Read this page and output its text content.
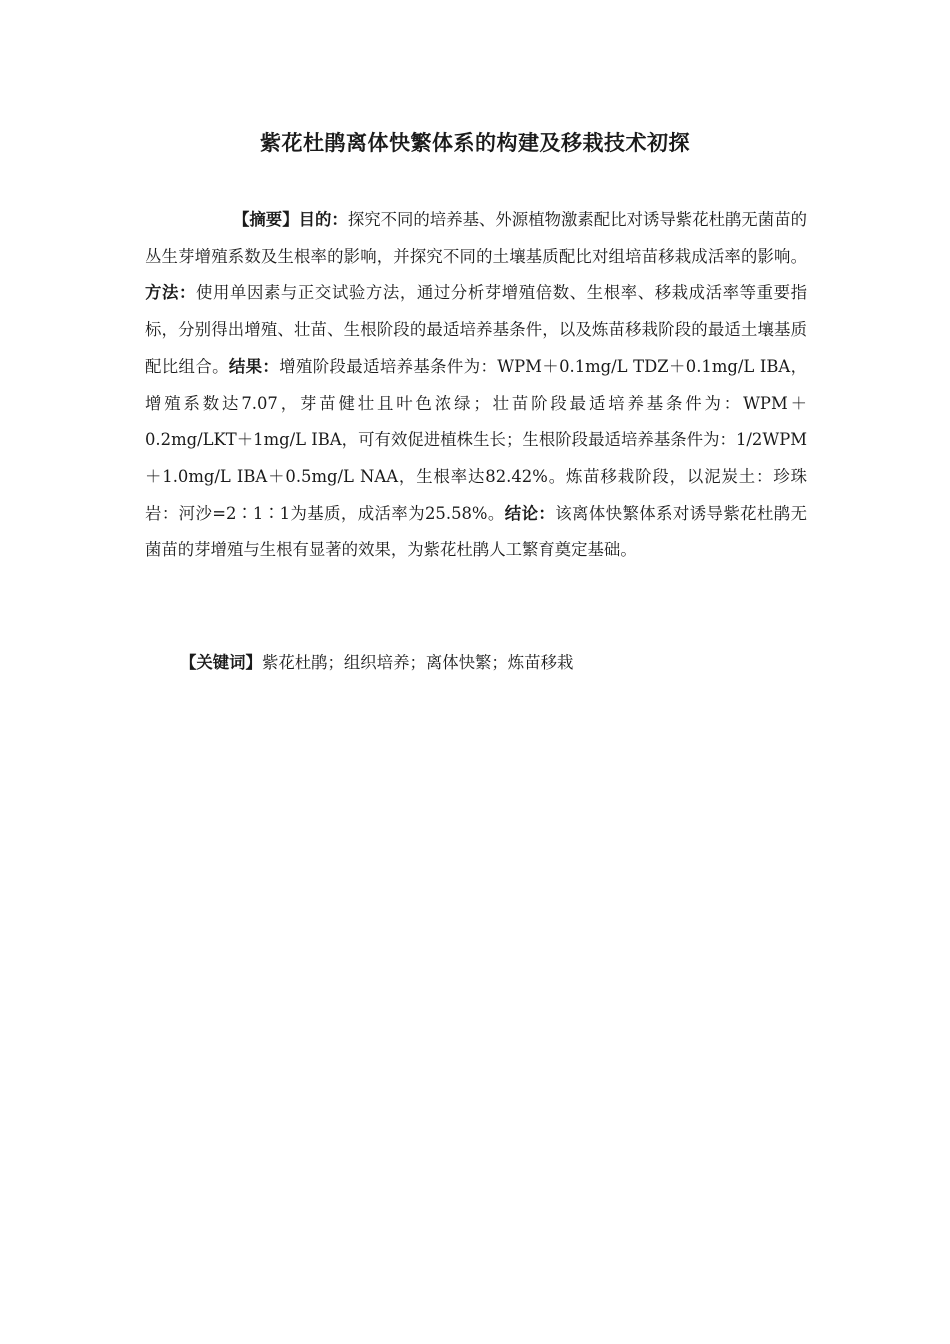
紫花杜鹃离体快繁体系的构建及移栽技术初探

【摘要】目的：探究不同的培养基、外源植物激素配比对诱导紫花杜鹃无菌苗的丛生芽增殖系数及生根率的影响，并探究不同的土壤基质配比对组培苗移栽成活率的影响。方法：使用单因素与正交试验方法，通过分析芽增殖倍数、生根率、移栽成活率等重要指标，分别得出增殖、壮苗、生根阶段的最适培养基条件，以及炼苗移栽阶段的最适土壤基质配比组合。结果：增殖阶段最适培养基条件为：WPM＋0.1mg/L TDZ＋0.1mg/L IBA，增殖系数达7.07，芽苗健壮且叶色浓绿；壮苗阶段最适培养基条件为：WPM＋0.2mg/LKT＋1mg/L IBA，可有效促进植株生长；生根阶段最适培养基条件为：1/2WPM＋1.0mg/L IBA＋0.5mg/L NAA，生根率达82.42%。炼苗移栽阶段，以泥炭土：珍珠岩：河沙=2∶1∶1为基质，成活率为25.58%。结论：该离体快繁体系对诱导紫花杜鹃无菌苗的芽增殖与生根有显著的效果，为紫花杜鹃人工繁育奠定基础。

【关键词】紫花杜鹃；组织培养；离体快繁；炼苗移栽
